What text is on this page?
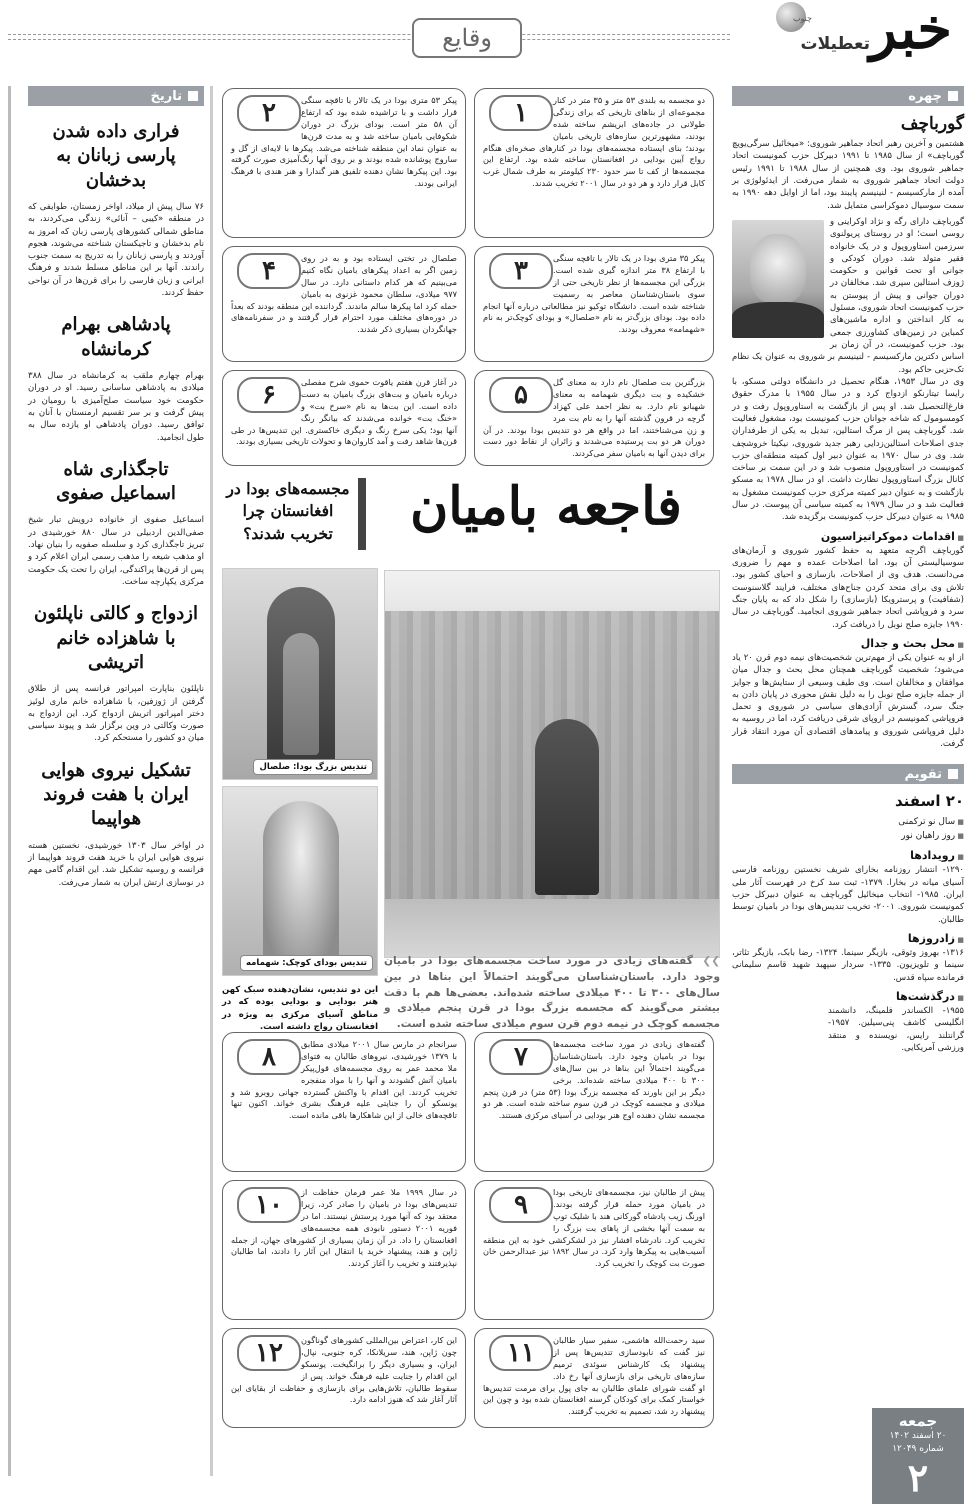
خبر
تعطیلات
چنوب
وقایع
چهره
گورباچف
هشتمین و آخرین رهبر اتحاد جماهیر شوروی: «میخائیل سرگی‌یویچ گورباچف» از سال ۱۹۸۵ تا ۱۹۹۱ دبیرکل حزب کمونیست اتحاد جماهیر شوروی بود. وی همچنین از سال ۱۹۸۸ تا ۱۹۹۱ رئیس دولت اتحاد جماهیر شوروی به شمار می‌رفت. از ایدئولوژی بر آمده از مارکسیسم - لنینیسم پایبند بود، اما از اوایل دهه ۱۹۹۰ به سمت سوسیال دموکراسی متمایل شد.
گورباچف دارای رگه و نژاد اوکراینی و روسی است؛ او در روستای پریولنوی سرزمین استاوروپول و در یک خانواده فقیر متولد شد. دوران کودکی و جوانی او تحت قوانین و حکومت ژوزف استالین سپری شد. مخالفان در دوران جوانی و پیش از پیوستن به حزب کمونیست اتحاد شوروی، مسئول به کار انداختن و اداره ماشین‌های کمباین در زمین‌های کشاورزی جمعی بود. حزب کمونیست، در آن زمان بر اساس دکترین مارکسیسم - لنینیسم بر شوروی به عنوان یک نظام تک‌حزبی حاکم بود.
وی در سال ۱۹۵۳، هنگام تحصیل در دانشگاه دولتی مسکو، با رایسا تیتارنکو ازدواج کرد و در سال ۱۹۵۵ با مدرک حقوق فارغ‌التحصیل شد. او پس از بازگشت به استاوروپول رفت و در کومسومول که شاخه جوانان حزب کمونیست بود، مشغول فعالیت شد. گورباچف پس از مرگ استالین، تبدیل به یکی از طرفداران جدی اصلاحات استالین‌زدایی رهبر جدید شوروی، نیکیتا خروشچف شد. وی در سال ۱۹۷۰ به عنوان دبیر اول کمیته منطقه‌ای حزب کمونیست در استاوروپول منصوب شد و در این سمت بر ساخت کانال بزرگ استاوروپول نظارت داشت. او در سال ۱۹۷۸ به مسکو بازگشت و به عنوان دبیر کمیته مرکزی حزب کمونیست مشغول به فعالیت شد و در سال ۱۹۷۹ به کمیته سیاسی آن پیوست. در سال ۱۹۸۵ به عنوان دبیرکل حزب کمونیست برگزیده شد.
■ اقدامات دموکراتیزاسیون
گورباچف اگرچه متعهد به حفظ کشور شوروی و آرمان‌های سوسیالیستی آن بود، اما اصلاحات عمده و مهم را ضروری می‌دانست. هدف وی از اصلاحات، بازسازی و احیای کشور بود. تلاش وی برای متحد کردن جناح‌های مختلف، فرایند گلاسنوست (شفافیت) و پرسترویکا (بازسازی) را شکل داد که به پایان جنگ سرد و فروپاشی اتحاد جماهیر شوروی انجامید. گورباچف در سال ۱۹۹۰ جایزه صلح نوبل را دریافت کرد.
■ محل بحث و جدال
از او به عنوان یکی از مهم‌ترین شخصیت‌های نیمه دوم قرن ۲۰ یاد می‌شود؛ شخصیت گورباچف همچنان محل بحث و جدال میان موافقان و مخالفان است. وی طیف وسیعی از ستایش‌ها و جوایز از جمله جایزه صلح نوبل را به دلیل نقش محوری در پایان دادن به جنگ سرد، گسترش آزادی‌های سیاسی در شوروی و تحمل فروپاشی کمونیسم در اروپای شرقی دریافت کرد، اما در روسیه به دلیل فروپاشی شوروی و پیامدهای اقتصادی آن مورد انتقاد قرار گرفت.
تقویم
۲۰ اسفند
■ سال نو ترکمنی
■ روز راهیان نور
■ رویدادها
۱۲۹۰- انتشار روزنامه بخارای شریف نخستین روزنامه فارسی آسیای میانه در بخارا. ۱۳۷۹- ثبت سد کرخ در فهرست آثار ملی ایران. ۱۹۸۵- انتخاب میخائیل گورباچف به عنوان دبیرکل حزب کمونیست شوروی. ۲۰۰۱- تخریب تندیس‌های بودا در بامیان توسط طالبان.
■ زادروزها
۱۳۱۶- بهروز وثوقی، بازیگر سینما. ۱۳۲۴- رضا بابک، بازیگر تئاتر، سینما و تلویزیون. ۱۳۳۵- سردار سپهبد شهید قاسم سلیمانی فرمانده سپاه قدس.
■ درگذشت‌ها
۱۹۵۵- الکساندر فلمینگ، دانشمند انگلیسی کاشف پنی‌سیلین. ۱۹۵۷- گرانتلند رایس، نویسنده و منتقد ورزشی آمریکایی.
تاریخ
فراری داده شدن پارسی زبانان به بدخشان
۷۶ سال پیش از میلاد، اواخر زمستان، طوایفی که در منطقه «کیبی – آنائی» زندگی می‌کردند، به مناطق شمالی کشورهای پارسی زبان که امروز به نام بدخشان و تاجیکستان شناخته می‌شوند، هجوم آوردند و پارسی زبانان را به تدریج به سمت جنوب راندند. آنها بر این مناطق مسلط شدند و فرهنگ ایرانی و زبان فارسی را برای قرن‌ها در آن نواحی حفظ کردند.
پادشاهی بهرام کرمانشاه
بهرام چهارم ملقب به کرمانشاه در سال ۳۸۸ میلادی به پادشاهی ساسانی رسید. او در دوران حکومت خود سیاست صلح‌آمیزی با رومیان در پیش گرفت و بر سر تقسیم ارمنستان با آنان به توافق رسید. دوران پادشاهی او یازده سال به طول انجامید.
تاجگذاری شاه اسماعیل صفوی
اسماعیل صفوی از خانواده درویش تبار شیخ صفی‌الدین اردبیلی در سال ۸۸۰ خورشیدی در تبریز تاجگذاری کرد و سلسله صفویه را بنیان نهاد. او مذهب شیعه را مذهب رسمی ایران اعلام کرد و پس از قرن‌ها پراکندگی، ایران را تحت یک حکومت مرکزی یکپارچه ساخت.
ازدواج و کالتی ناپلئون با شاهزاده خانم اتریشی
ناپلئون بناپارت امپراتور فرانسه پس از طلاق گرفتن از ژوزفین، با شاهزاده خانم ماری لوئیز دختر امپراتور اتریش ازدواج کرد. این ازدواج به صورت وکالتی در وین برگزار شد و پیوند سیاسی میان دو کشور را مستحکم کرد.
تشکیل نیروی هوایی ایران با هفت فروند هواپیما
در اواخر سال ۱۳۰۳ خورشیدی، نخستین هسته نیروی هوایی ایران با خرید هفت فروند هواپیما از فرانسه و روسیه تشکیل شد. این اقدام گامی مهم در نوسازی ارتش ایران به شمار می‌رفت.
۱	دو مجسمه به بلندی ۵۳ متر و ۳۵ متر در کنار مجموعه‌ای از بناهای تاریخی که برای زندگی طولانی در جاده‌های ابریشم ساخته شده بودند، مشهورترین سازه‌های تاریخی بامیان بودند؛ بنای ایستاده مجسمه‌های بودا در کنارهای صخره‌ای هنگام رواج آیین بودایی در افغانستان ساخته شده بود. ارتفاع این مجسمه‌ها از کف تا سر حدود ۲۳۰ کیلومتر به طرف شمال غرب کابل قرار دارد و هر دو در سال ۲۰۰۱ تخریب شدند.

۲	پیکر ۵۳ متری بودا در یک تالار با تاقچه سنگی قرار داشت و با تراشیده شده بود که ارتفاع آن ۵۸ متر است. بودای بزرگ در دوران شکوفایی بامیان ساخته شد و به مدت قرن‌ها به عنوان نماد این منطقه شناخته می‌شد. پیکرها با لایه‌ای از گل و ساروج پوشانده شده بودند و بر روی آنها رنگ‌آمیزی صورت گرفته بود. این پیکرها نشان دهنده تلفیق هنر گندارا و هنر هندی با فرهنگ ایرانی بودند.

۳	پیکر ۳۵ متری بودا در یک تالار با تاقچه سنگی با ارتفاع ۳۸ متر اندازه گیری شده است. بزرگی این مجسمه‌ها از نظر تاریخی حتی از سوی باستان‌شناسان معاصر به رسمیت شناخته شده است. دانشگاه توکیو نیز مطالعاتی درباره آنها انجام داده بود. بودای بزرگ‌تر به نام «صلصال» و بودای کوچک‌تر به نام «شهمامه» معروف بودند.

۴	صلصال در تختی ایستاده بود و به در روی زمین اگر به اعداد پیکرهای بامیان نگاه کنیم می‌بینیم که هر کدام داستانی دارد. در سال ۹۷۷ میلادی، سلطان محمود غزنوی به بامیان حمله کرد اما پیکرها سالم ماندند. گرداننده این منطقه بودند که بعداً در دوره‌های مختلف مورد احترام قرار گرفتند و در سفرنامه‌های جهانگردان بسیاری ذکر شدند.

۵	بزرگترین بت صلصال نام دارد به معنای گل خشکیده و بت دیگری شهمامه به معنای شهبانو نام دارد. به نظر احمد علی کهزاد گرچه در قرون گذشته آنها را به نام بت مرد و زن می‌شناختند، اما در واقع هر دو تندیس بودا بودند. در آن دوران هر دو بت پرستیده می‌شدند و زائران از نقاط دور دست برای دیدن آنها به بامیان سفر می‌کردند.

۶	در آغاز قرن هفتم یاقوت حموی شرح مفصلی درباره بامیان و بت‌های بزرگ بامیان به دست داده است. این بت‌ها به نام «سرخ بت» و «خنگ بت» خوانده می‌شدند که بیانگر رنگ آنها بود؛ یکی سرخ رنگ و دیگری خاکستری. این تندیس‌ها در طی قرن‌ها شاهد رفت و آمد کاروان‌ها و تحولات تاریخی بسیاری بودند.

فاجعه بامیان
مجسمه‌های بودا در افغانستان چرا تخریب شدند؟
تندیس بزرگ بودا: صلصال
تندیس بودای کوچک: شهمامه	❯❯ گفته‌های زیادی در مورد ساخت مجسمه‌های بودا در بامیان وجود دارد. باستان‌شناسان می‌گویند احتمالاً این بناها در بین سال‌های ۳۰۰ تا ۴۰۰ میلادی ساخته شده‌اند. بعضی‌ها هم با دقت بیشتر می‌گویند که مجسمه بزرگ بودا در قرن پنجم میلادی و مجسمه کوچک در نیمه دوم قرن سوم میلادی ساخته شده است.
این دو تندیس، نشان‌دهنده سبک کهن هنر بودایی و بودایی بوده که در مناطق آسیای مرکزی به ویژه در افغانستان رواج داشته است.
۷	گفته‌های زیادی در مورد ساخت مجسمه‌ها بودا در بامیان وجود دارد. باستان‌شناسان می‌گویند احتمالاً این بناها در بین سال‌های ۳۰۰ تا ۴۰۰ میلادی ساخته شده‌اند. برخی دیگر بر این باورند که مجسمه بزرگ بودا (۵۳ متر) در قرن پنجم میلادی و مجسمه کوچک در قرن سوم ساخته شده است. هر دو مجسمه نشان دهنده اوج هنر بودایی در آسیای مرکزی هستند.

۸	سرانجام در مارس سال ۲۰۰۱ میلادی مطابق با ۱۳۷۹ خورشیدی، نیروهای طالبان به فتوای ملا محمد عمر به روی مجسمه‌های قول‌پیکر بامیان آتش گشودند و آنها را با مواد منفجره تخریب کردند. این اقدام با واکنش گسترده جهانی روبرو شد و یونسکو آن را جنایتی علیه فرهنگ بشری خواند. اکنون تنها تاقچه‌های خالی از این شاهکارها باقی مانده است.

۹	پیش از طالبان نیز، مجسمه‌های تاریخی بودا در بامیان مورد حمله قرار گرفته بودند. اورنگ زیب پادشاه گورکانی هند با شلیک توپ به سمت آنها بخشی از پاهای بت بزرگ را تخریب کرد. نادرشاه افشار نیز در لشکرکشی خود به این منطقه آسیب‌هایی به پیکرها وارد کرد. در سال ۱۸۹۲ نیز عبدالرحمن خان صورت بت کوچک را تخریب کرد.

۱۰	در سال ۱۹۹۹ ملا عمر فرمان حفاظت از تندیس‌های بودا در بامیان را صادر کرد، زیرا معتقد بود که آنها مورد پرستش نیستند. اما در فوریه ۲۰۰۱ دستور نابودی همه مجسمه‌های افغانستان را داد. در آن زمان بسیاری از کشورهای جهان، از جمله ژاپن و هند، پیشنهاد خرید یا انتقال این آثار را دادند، اما طالبان نپذیرفتند و تخریب را آغاز کردند.

۱۱	سید رحمت‌الله هاشمی، سفیر سیار طالبان نیز گفت که نابودسازی تندیس‌ها پس از پیشنهاد یک کارشناس سوئدی ترمیم سازه‌های تاریخی برای بازسازی آنها رخ داد. او گفت شورای علمای طالبان به جای پول برای مرمت تندیس‌ها خواستار کمک برای کودکان گرسنه افغانستان شده بود و چون این پیشنهاد رد شد، تصمیم به تخریب گرفتند.

۱۲	این کار، اعتراض بین‌المللی کشورهای گوناگون چون ژاپن، هند، سریلانکا، کره جنوبی، نپال، ایران، و بسیاری دیگر را برانگیخت. یونسکو این اقدام را جنایت علیه فرهنگ خواند. پس از سقوط طالبان، تلاش‌هایی برای بازسازی و حفاظت از بقایای این آثار آغاز شد که هنوز ادامه دارد.

جمعه
۲۰ اسفند ۱۴۰۲
شماره ۱۲۰۴۹
۲
